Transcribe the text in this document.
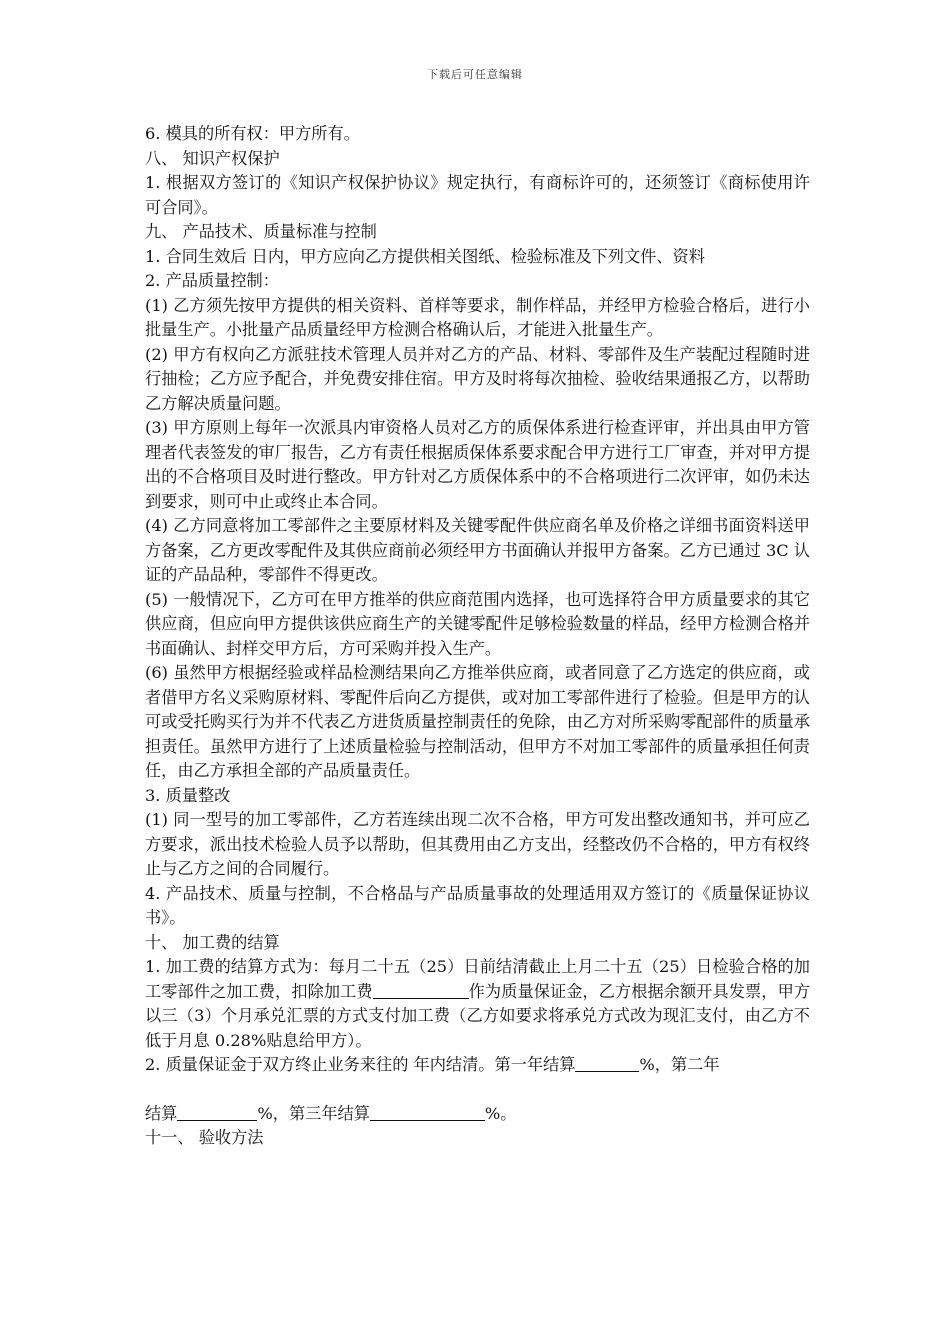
下载后可任意编辑

6. 模具的所有权：甲方所有。

八、 知识产权保护

1. 根据双方签订的《知识产权保护协议》规定执行，有商标许可的，还须签订《商标使用许可合同》。

九、 产品技术、质量标准与控制

1. 合同生效后 日内，甲方应向乙方提供相关图纸、检验标准及下列文件、资料

2. 产品质量控制：

(1) 乙方须先按甲方提供的相关资料、首样等要求，制作样品，并经甲方检验合格后，进行小批量生产。小批量产品质量经甲方检测合格确认后，才能进入批量生产。

(2) 甲方有权向乙方派驻技术管理人员并对乙方的产品、材料、零部件及生产装配过程随时进行抽检；乙方应予配合，并免费安排住宿。甲方及时将每次抽检、验收结果通报乙方，以帮助乙方解决质量问题。

(3) 甲方原则上每年一次派具内审资格人员对乙方的质保体系进行检查评审，并出具由甲方管理者代表签发的审厂报告，乙方有责任根据质保体系要求配合甲方进行工厂审查，并对甲方提出的不合格项目及时进行整改。甲方针对乙方质保体系中的不合格项进行二次评审，如仍未达到要求，则可中止或终止本合同。

(4) 乙方同意将加工零部件之主要原材料及关键零配件供应商名单及价格之详细书面资料送甲方备案，乙方更改零配件及其供应商前必须经甲方书面确认并报甲方备案。乙方已通过 3C 认证的产品品种，零部件不得更改。

(5) 一般情况下，乙方可在甲方推举的供应商范围内选择，也可选择符合甲方质量要求的其它供应商，但应向甲方提供该供应商生产的关键零配件足够检验数量的样品，经甲方检测合格并书面确认、封样交甲方后，方可采购并投入生产。

(6) 虽然甲方根据经验或样品检测结果向乙方推举供应商，或者同意了乙方选定的供应商，或者借甲方名义采购原材料、零配件后向乙方提供，或对加工零部件进行了检验。但是甲方的认可或受托购买行为并不代表乙方进货质量控制责任的免除，由乙方对所采购零配部件的质量承担责任。虽然甲方进行了上述质量检验与控制活动，但甲方不对加工零部件的质量承担任何责任，由乙方承担全部的产品质量责任。

3. 质量整改

(1) 同一型号的加工零部件，乙方若连续出现二次不合格，甲方可发出整改通知书，并可应乙方要求，派出技术检验人员予以帮助，但其费用由乙方支出，经整改仍不合格的，甲方有权终止与乙方之间的合同履行。

4. 产品技术、质量与控制，不合格品与产品质量事故的处理适用双方签订的《质量保证协议书》。

十、 加工费的结算

1. 加工费的结算方式为：每月二十五（25）日前结清截止上月二十五（25）日检验合格的加工零部件之加工费，扣除加工费	作为质量保证金，乙方根据余额开具发票，甲方以三（3）个月承兑汇票的方式支付加工费（乙方如要求将承兑方式改为现汇支付，由乙方不低于月息 0.28%贴息给甲方）。

2. 质量保证金于双方终止业务来往的 年内结清。第一年结算	%，第二年

结算	%，第三年结算	%。

十一、 验收方法
